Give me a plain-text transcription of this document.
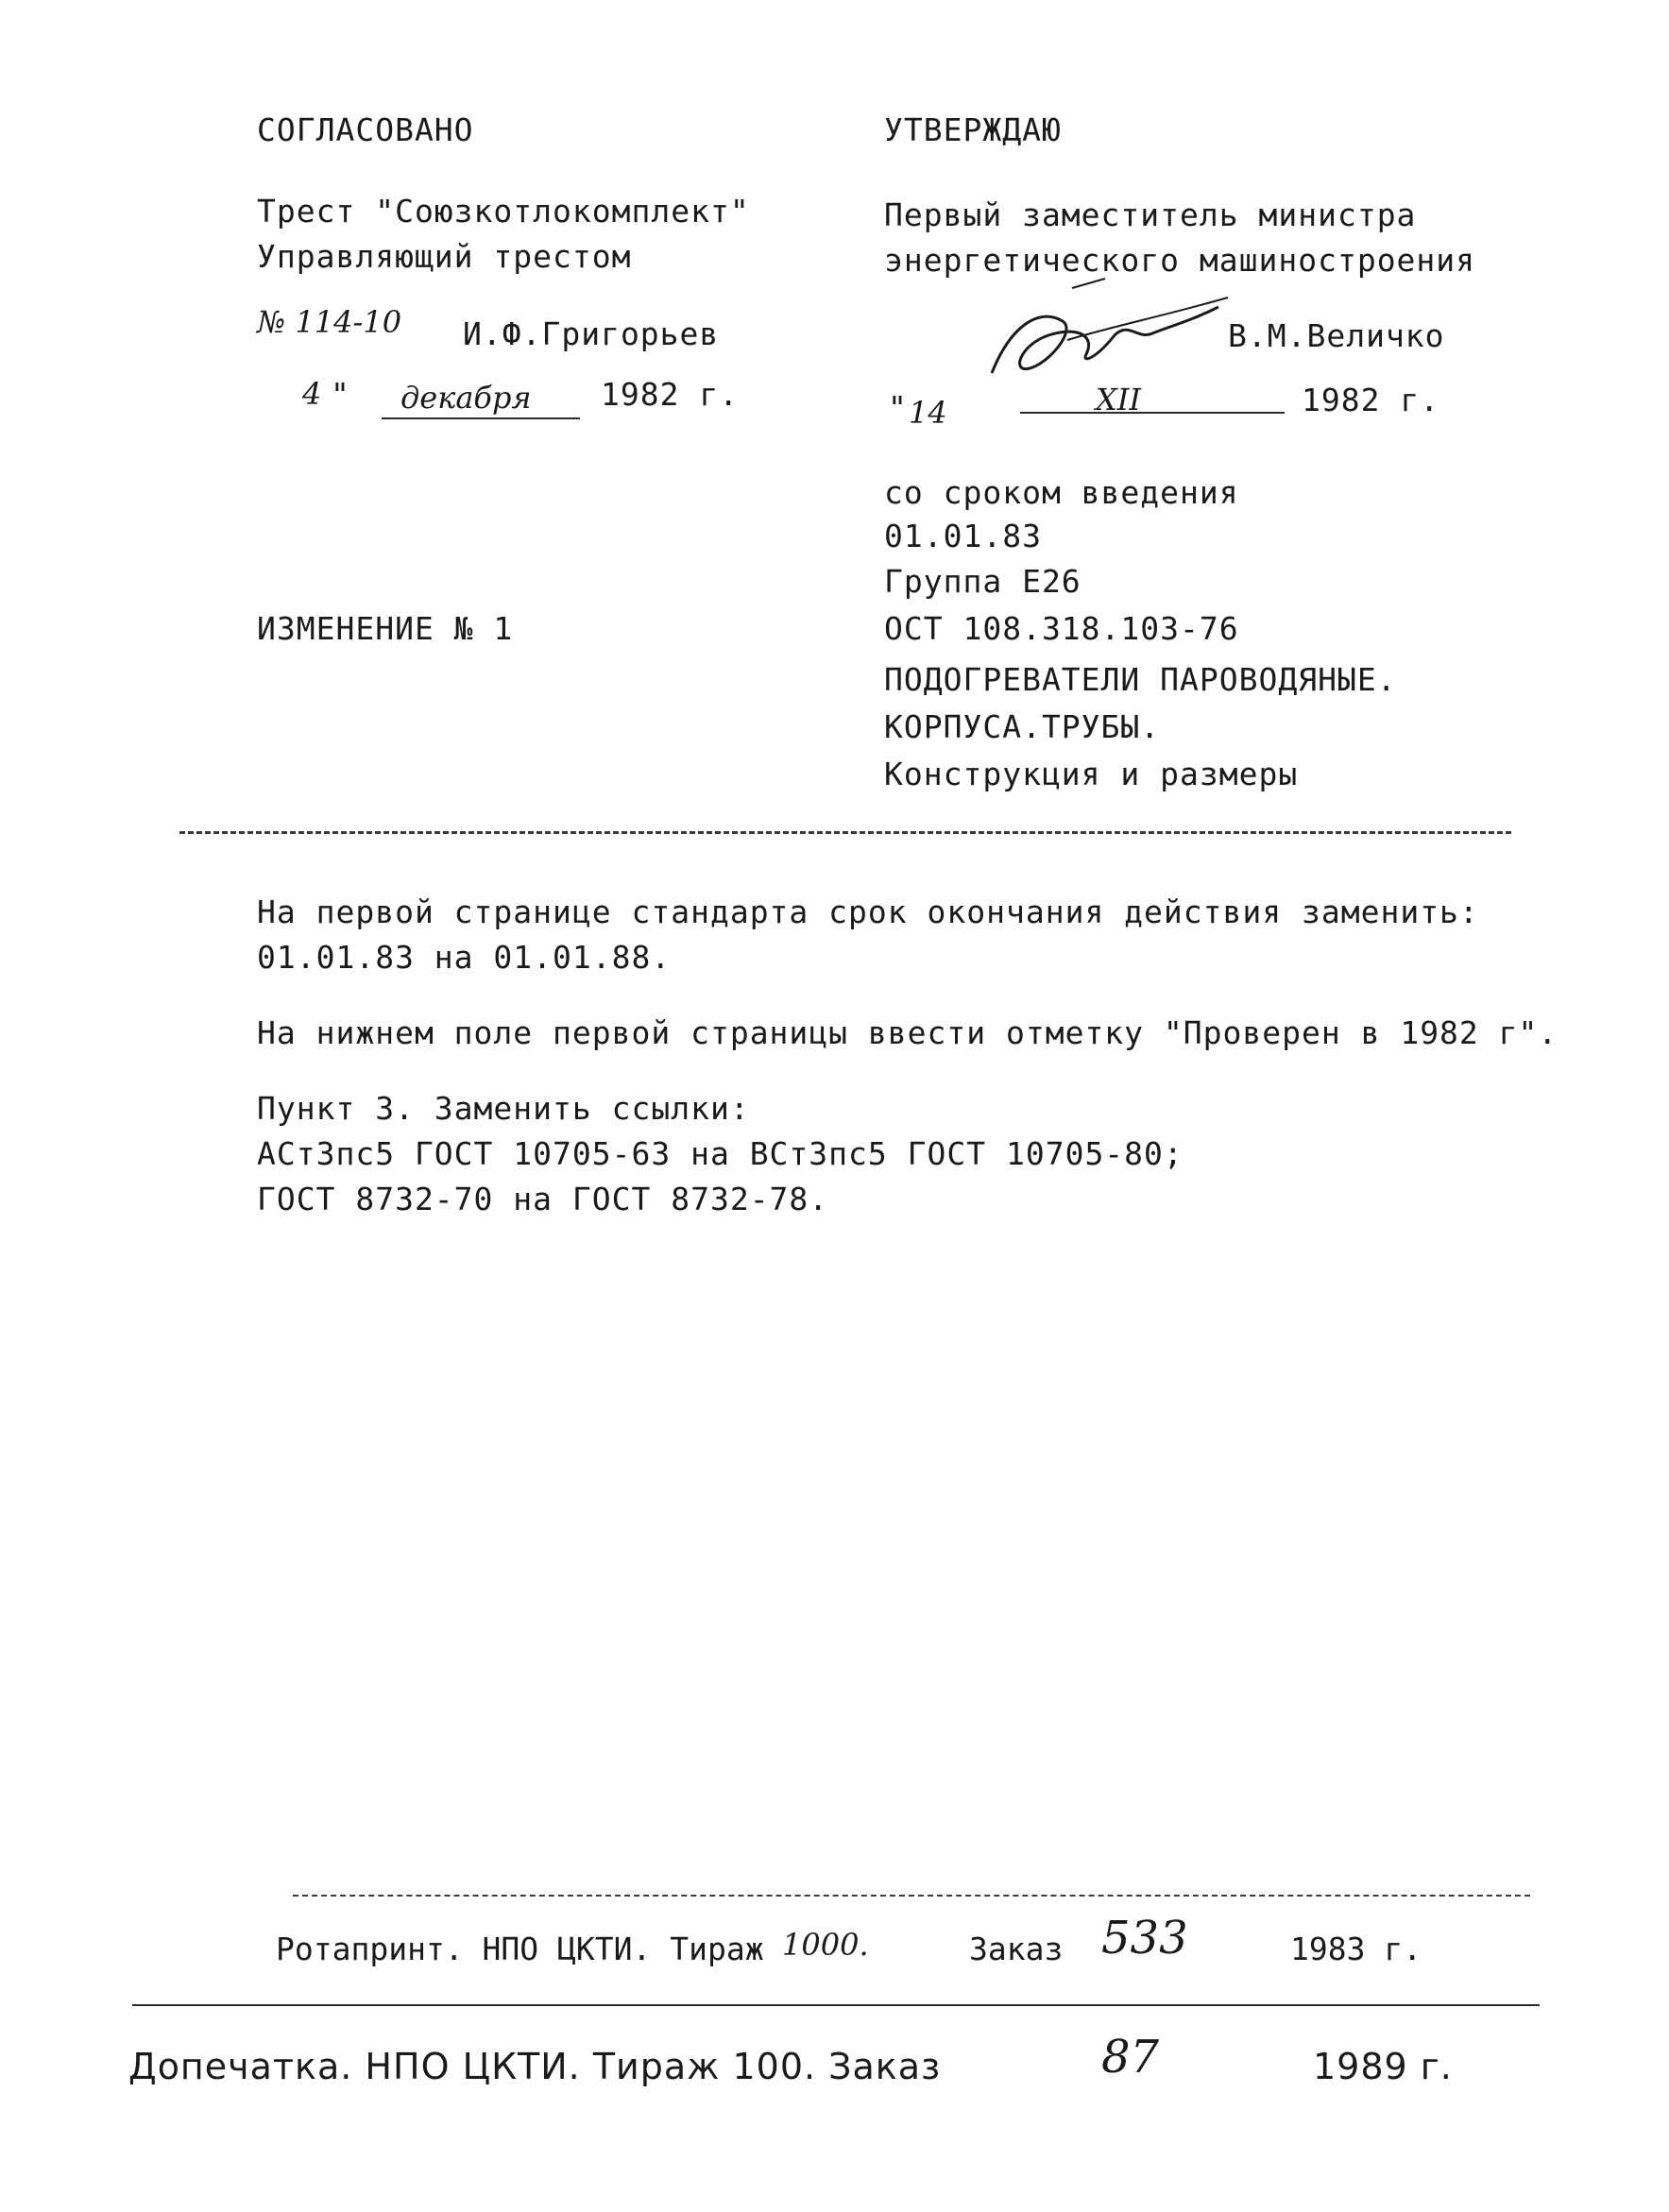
СОГЛАСОВАНО
Трест "Союзкотлокомплект"
Управляющий трестом
№ 114-10 И.Ф.Григорьев
4 " декабря 1982 г.
УТВЕРЖДАЮ
Первый заместитель министра
энергетического машиностроения
В.М.Величко
" 14	XII	1982 г.
со сроком введения
01.01.83
Группа Е26
ИЗМЕНЕНИЕ № 1	ОСТ 108.318.103-76
ПОДОГРЕВАТЕЛИ ПАРОВОДЯНЫЕ.
КОРПУСА.ТРУБЫ.
Конструкция и размеры
На первой странице стандарта срок окончания действия заменить:
01.01.83 на 01.01.88.
На нижнем поле первой страницы ввести отметку "Проверен в 1982 г".
Пункт 3. Заменить ссылки:
АСт3пс5 ГОСТ 10705-63 на ВСт3пс5 ГОСТ 10705-80;
ГОСТ 8732-70 на ГОСТ 8732-78.
Ротапринт. НПО ЦКТИ. Тираж 1000.	Заказ 533	1983 г.
Допечатка. НПО ЦКТИ. Тираж 100. Заказ	87	1989 г.
